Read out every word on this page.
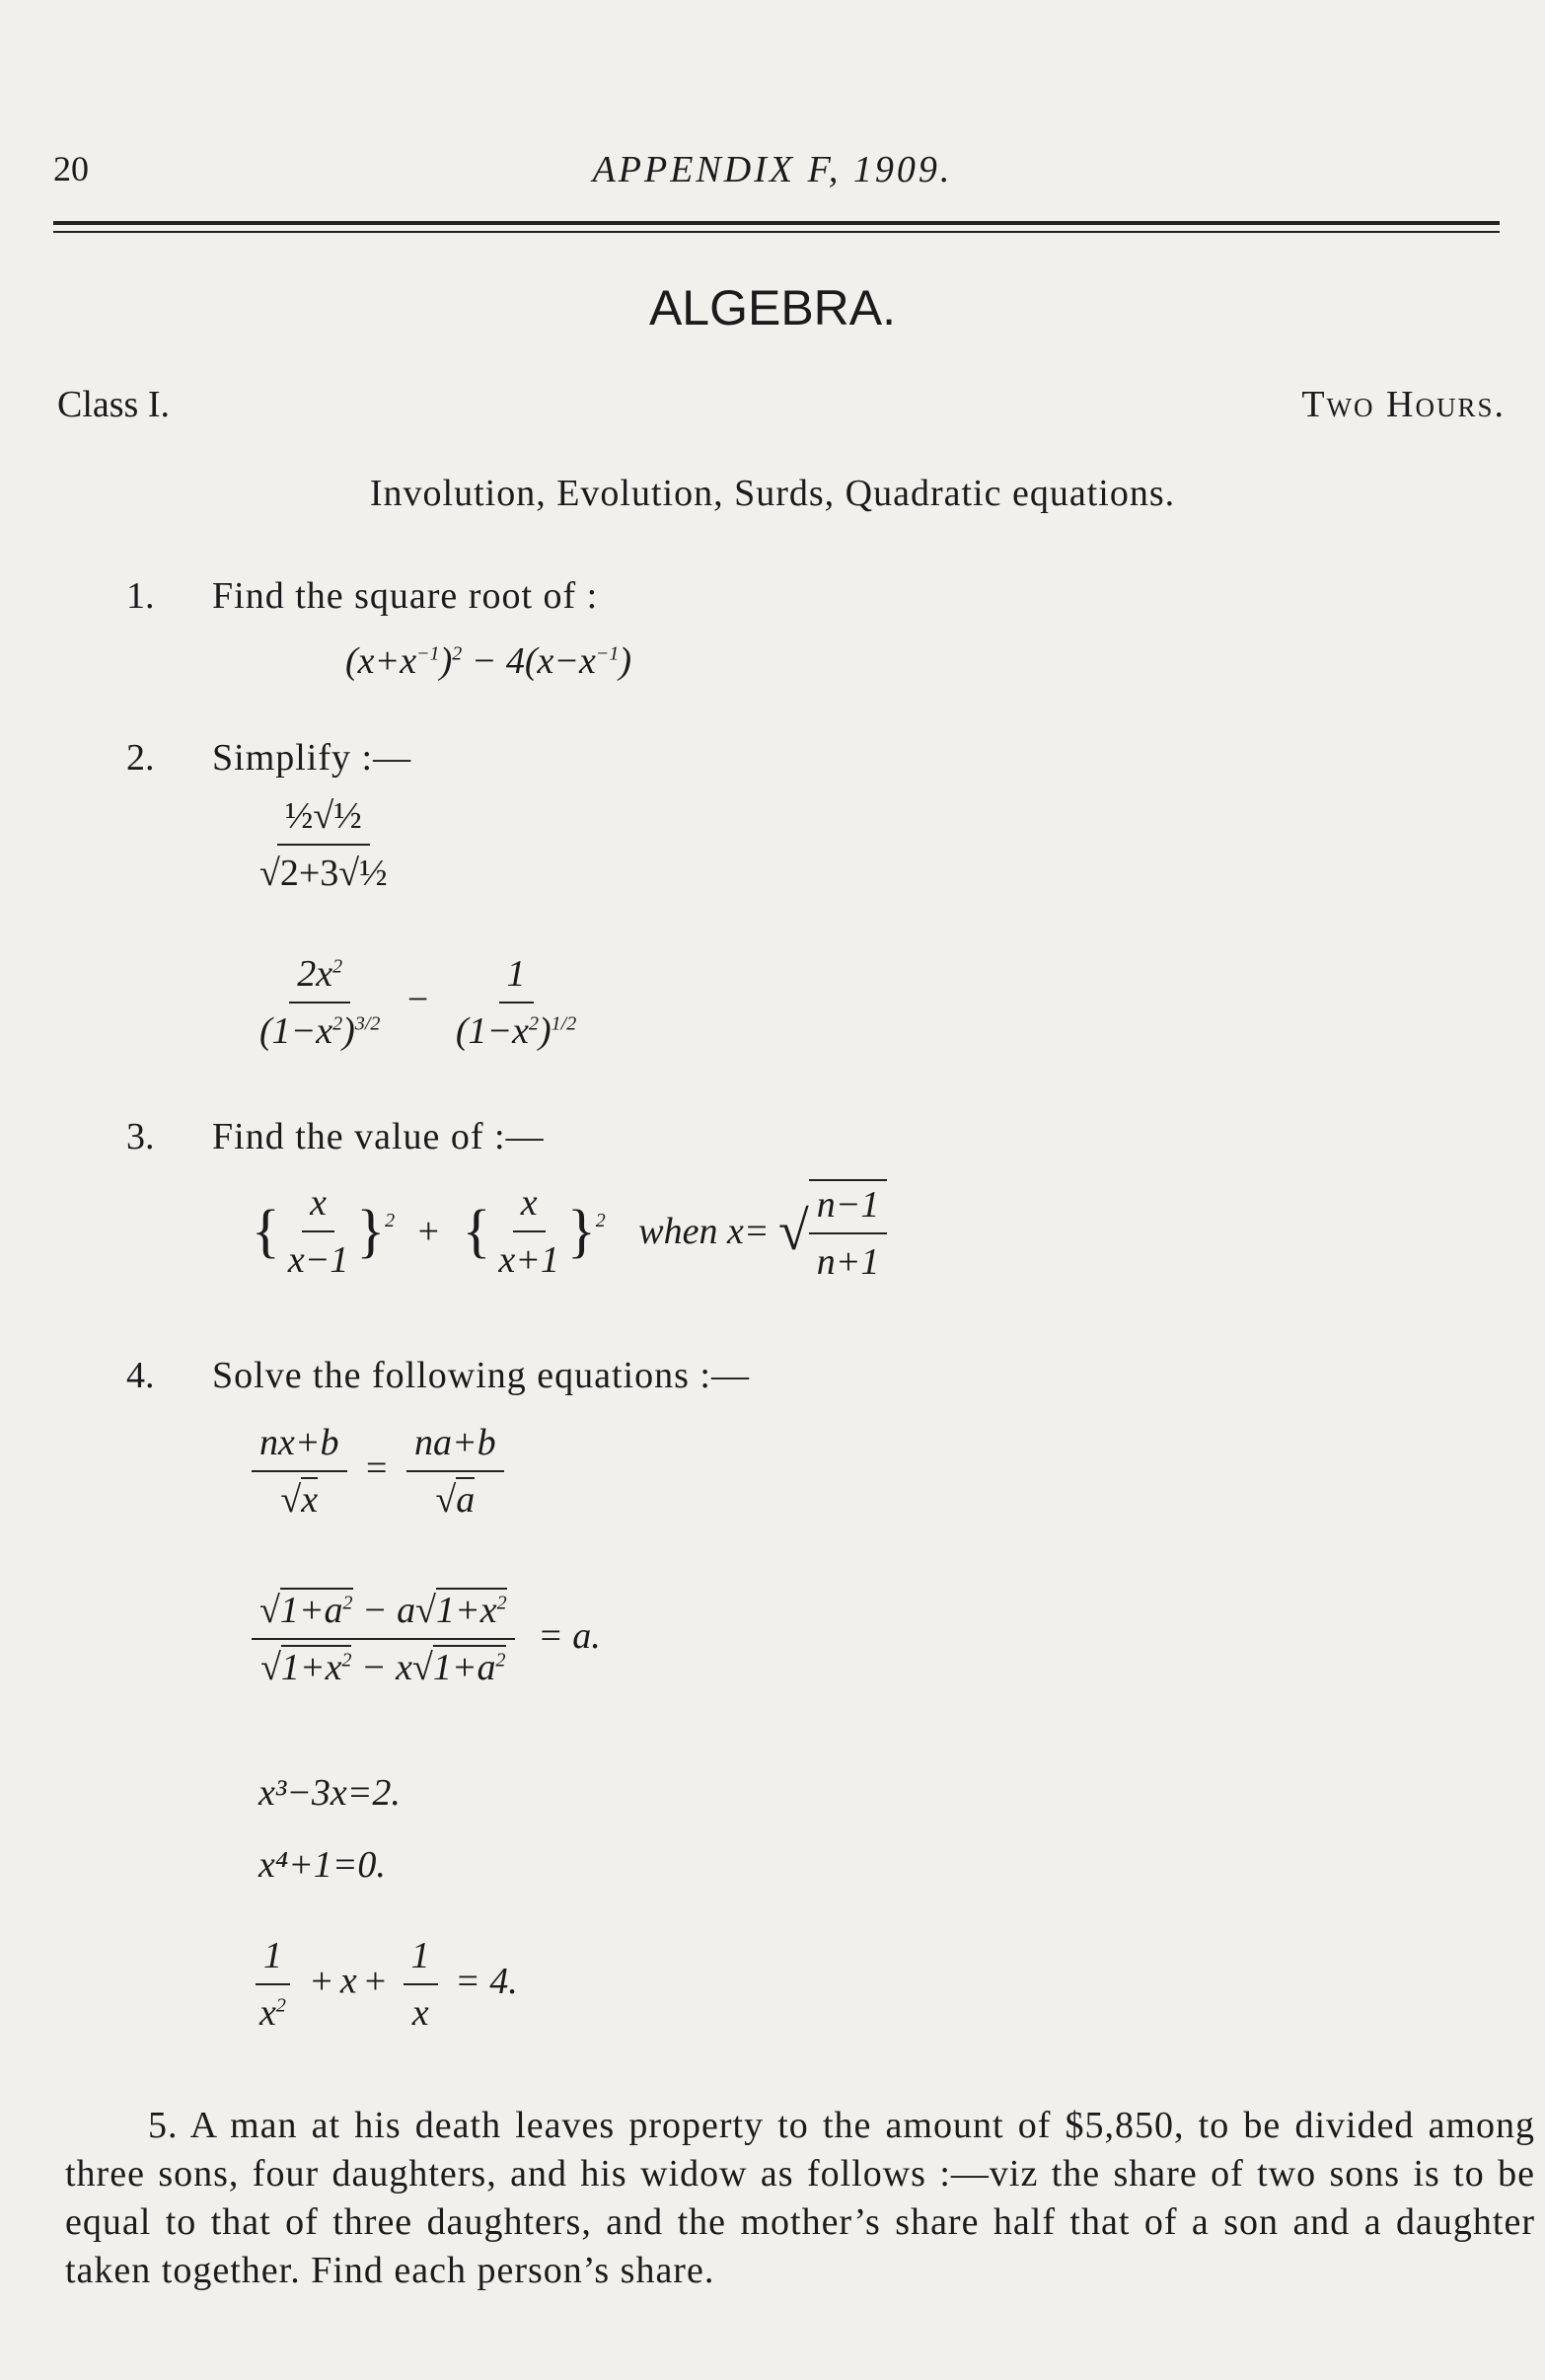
20	APPENDIX F, 1909.
ALGEBRA.
Class I.	Two Hours.
Involution, Evolution, Surds, Quadratic equations.
1. Find the square root of :
$(x+x^{-1})^2 - 4(x-x^{-1})$
2. Simplify :—
$\frac{\text{½√½}}{\text{√2+3√½}}$
$\frac{2x^2}{(1-x^2)^{3/2}} - \frac{1}{(1-x^2)^{1/2}}$
3. Find the value of :—
{ $\frac{x}{x-1} \}^2$ + { $\frac{x}{x+1} \}^2$ when x= √ $\frac{n-1}{n+1}$
4. Solve the following equations :—
$\frac{nx+b}{√x} = \frac{na+b}{√a}$
$\frac{√1+a^2 - a√1+x^2}{√1+x^2 - x√1+a^2} = a$.
x³−3x=2.
x⁴+1=0.
$\frac{1}{x^2} + x + \frac{1}{x} = 4$.
5. A man at his death leaves property to the amount of $5,850, to be divided among three sons, four daughters, and his widow as follows :—viz the share of two sons is to be equal to that of three daughters, and the mother’s share half that of a son and a daughter taken together. Find each person’s share.
